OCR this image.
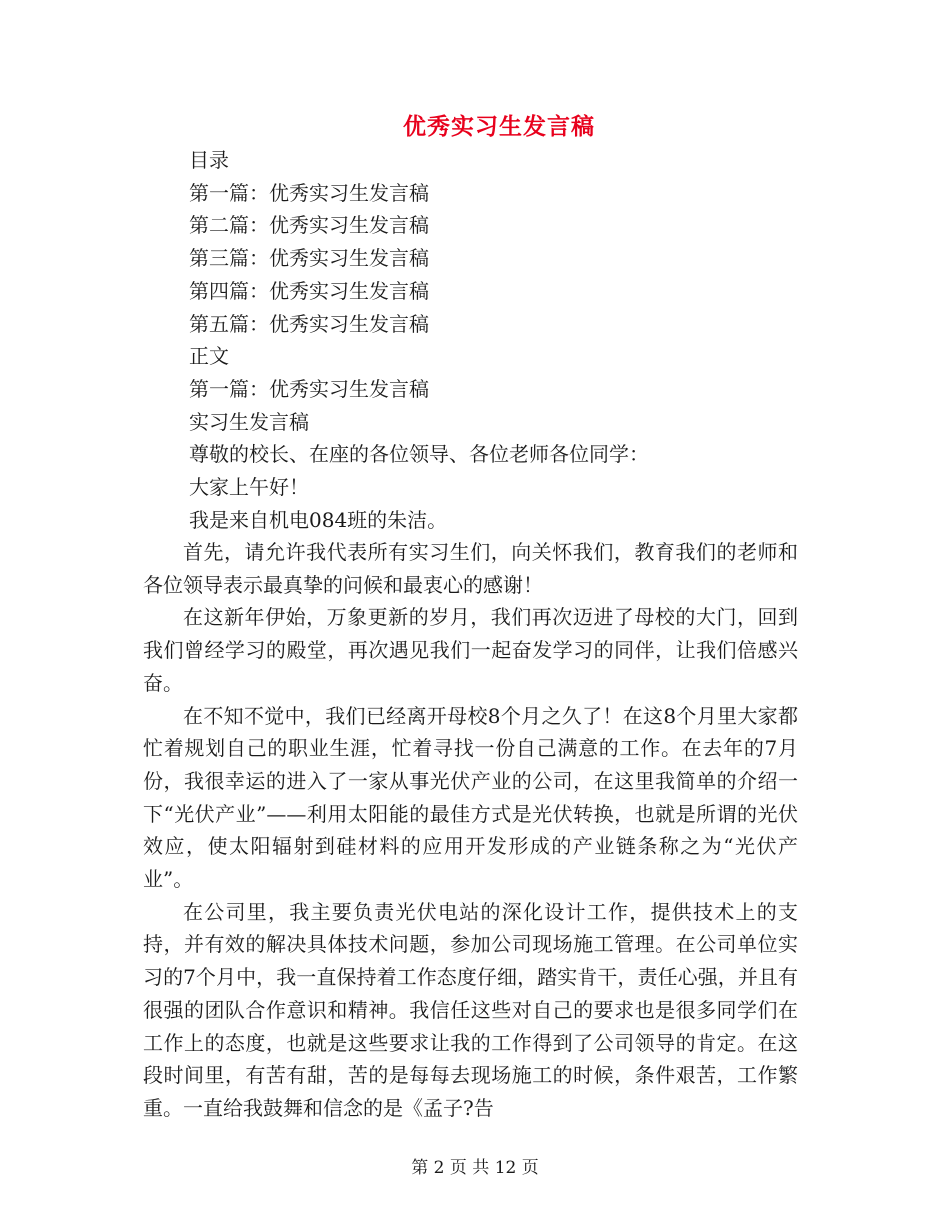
优秀实习生发言稿
目录
第一篇：优秀实习生发言稿
第二篇：优秀实习生发言稿
第三篇：优秀实习生发言稿
第四篇：优秀实习生发言稿
第五篇：优秀实习生发言稿
正文
第一篇：优秀实习生发言稿
实习生发言稿
尊敬的校长、在座的各位领导、各位老师各位同学：
大家上午好！
我是来自机电084班的朱洁。

首先，请允许我代表所有实习生们，向关怀我们，教育我们的老师和各位领导表示最真挚的问候和最衷心的感谢！

在这新年伊始，万象更新的岁月，我们再次迈进了母校的大门，回到我们曾经学习的殿堂，再次遇见我们一起奋发学习的同伴，让我们倍感兴奋。

在不知不觉中，我们已经离开母校8个月之久了！在这8个月里大家都忙着规划自己的职业生涯，忙着寻找一份自己满意的工作。在去年的7月份，我很幸运的进入了一家从事光伏产业的公司，在这里我简单的介绍一下“光伏产业”——利用太阳能的最佳方式是光伏转换，也就是所谓的光伏效应，使太阳辐射到硅材料的应用开发形成的产业链条称之为“光伏产业”。

在公司里，我主要负责光伏电站的深化设计工作，提供技术上的支持，并有效的解决具体技术问题，参加公司现场施工管理。在公司单位实习的7个月中，我一直保持着工作态度仔细，踏实肯干，责任心强，并且有很强的团队合作意识和精神。我信任这些对自己的要求也是很多同学们在工作上的态度，也就是这些要求让我的工作得到了公司领导的肯定。在这段时间里，有苦有甜，苦的是每每去现场施工的时候，条件艰苦，工作繁重。一直给我鼓舞和信念的是《孟子?告

第 2 页 共 12 页
